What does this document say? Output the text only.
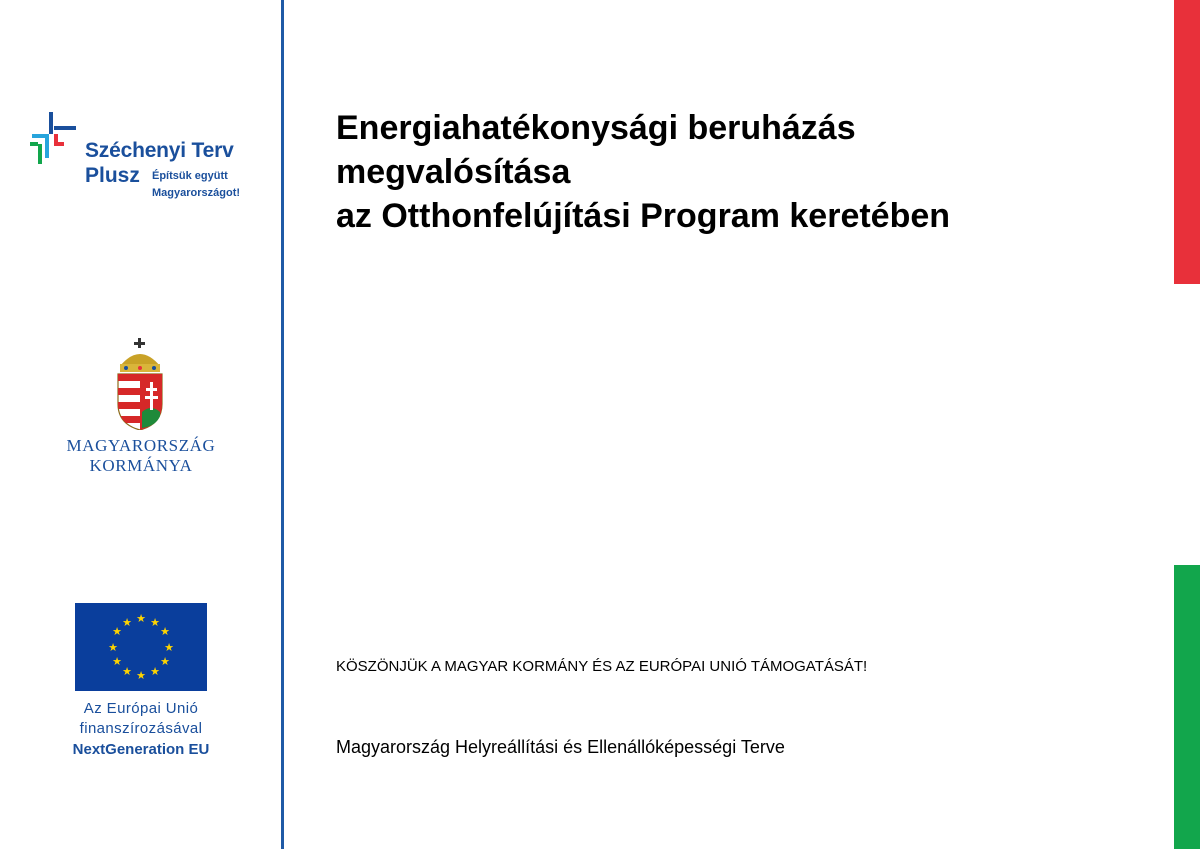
Széchenyi Terv
Plusz Építsük együtt
Magyarországot!
MAGYARORSZÁG
KORMÁNYA
★ ★
★
★
★
★
★
★
★
★
★
★
Az Európai Unió
finanszírozásával
NextGeneration EU
Energiahatékonysági beruházás
megvalósítása
az Otthonfelújítási Program keretében
KÖSZÖNJÜK A MAGYAR KORMÁNY ÉS AZ EURÓPAI UNIÓ TÁMOGATÁSÁT!
Magyarország Helyreállítási és Ellenállóképességi Terve
